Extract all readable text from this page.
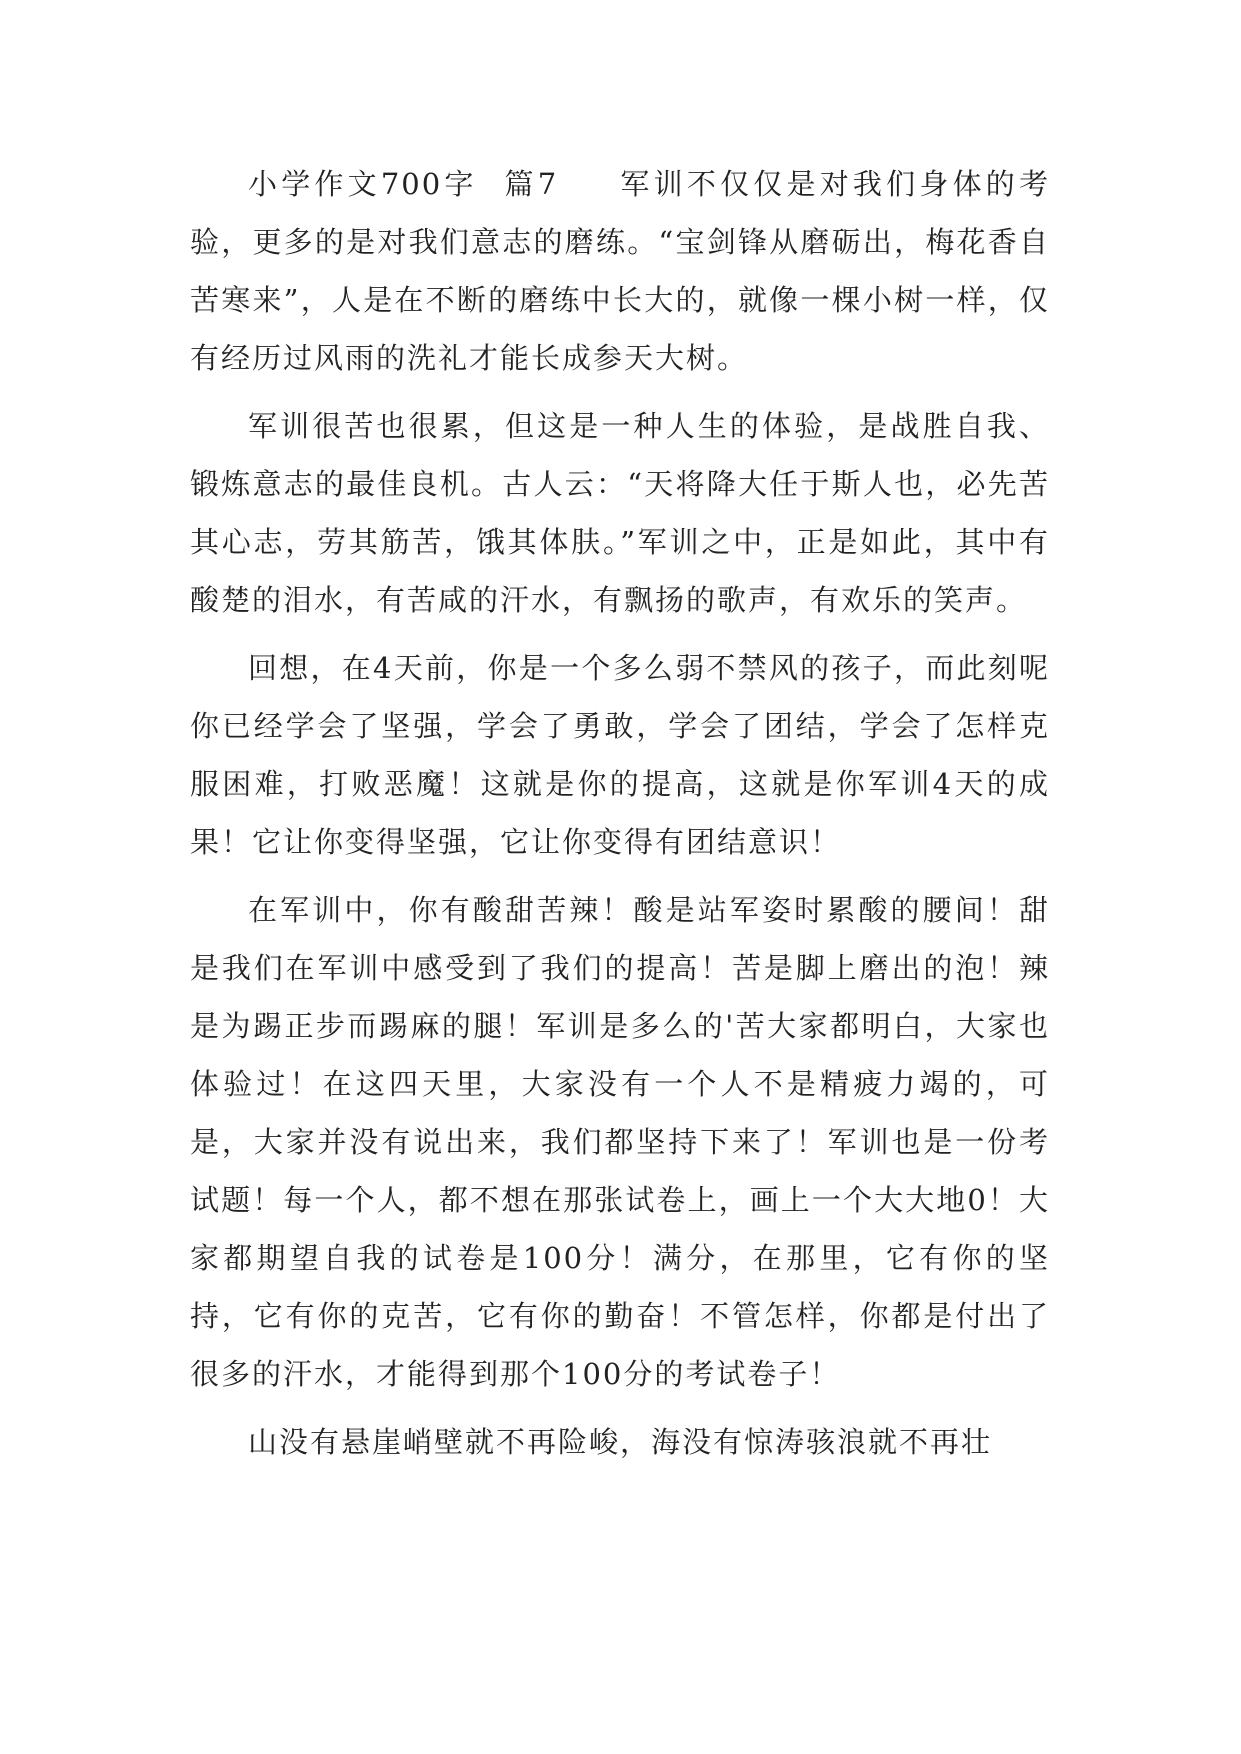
小学作文700字 篇7 军训不仅仅是对我们身体的考验，更多的是对我们意志的磨练。“宝剑锋从磨砺出，梅花香自苦寒来”，人是在不断的磨练中长大的，就像一棵小树一样，仅有经历过风雨的洗礼才能长成参天大树。

军训很苦也很累，但这是一种人生的体验，是战胜自我、锻炼意志的最佳良机。古人云：“天将降大任于斯人也，必先苦其心志，劳其筋苦，饿其体肤。”军训之中，正是如此，其中有酸楚的泪水，有苦咸的汗水，有飘扬的歌声，有欢乐的笑声。

回想，在4天前，你是一个多么弱不禁风的孩子，而此刻呢你已经学会了坚强，学会了勇敢，学会了团结，学会了怎样克服困难，打败恶魔！这就是你的提高，这就是你军训4天的成果！它让你变得坚强，它让你变得有团结意识！

在军训中，你有酸甜苦辣！酸是站军姿时累酸的腰间！甜是我们在军训中感受到了我们的提高！苦是脚上磨出的泡！辣是为踢正步而踢麻的腿！军训是多么的'苦大家都明白，大家也体验过！在这四天里，大家没有一个人不是精疲力竭的，可是，大家并没有说出来，我们都坚持下来了！军训也是一份考试题！每一个人，都不想在那张试卷上，画上一个大大地0！大家都期望自我的试卷是100分！满分，在那里，它有你的坚持，它有你的克苦，它有你的勤奋！不管怎样，你都是付出了很多的汗水，才能得到那个100分的考试卷子！

山没有悬崖峭壁就不再险峻，海没有惊涛骇浪就不再壮
